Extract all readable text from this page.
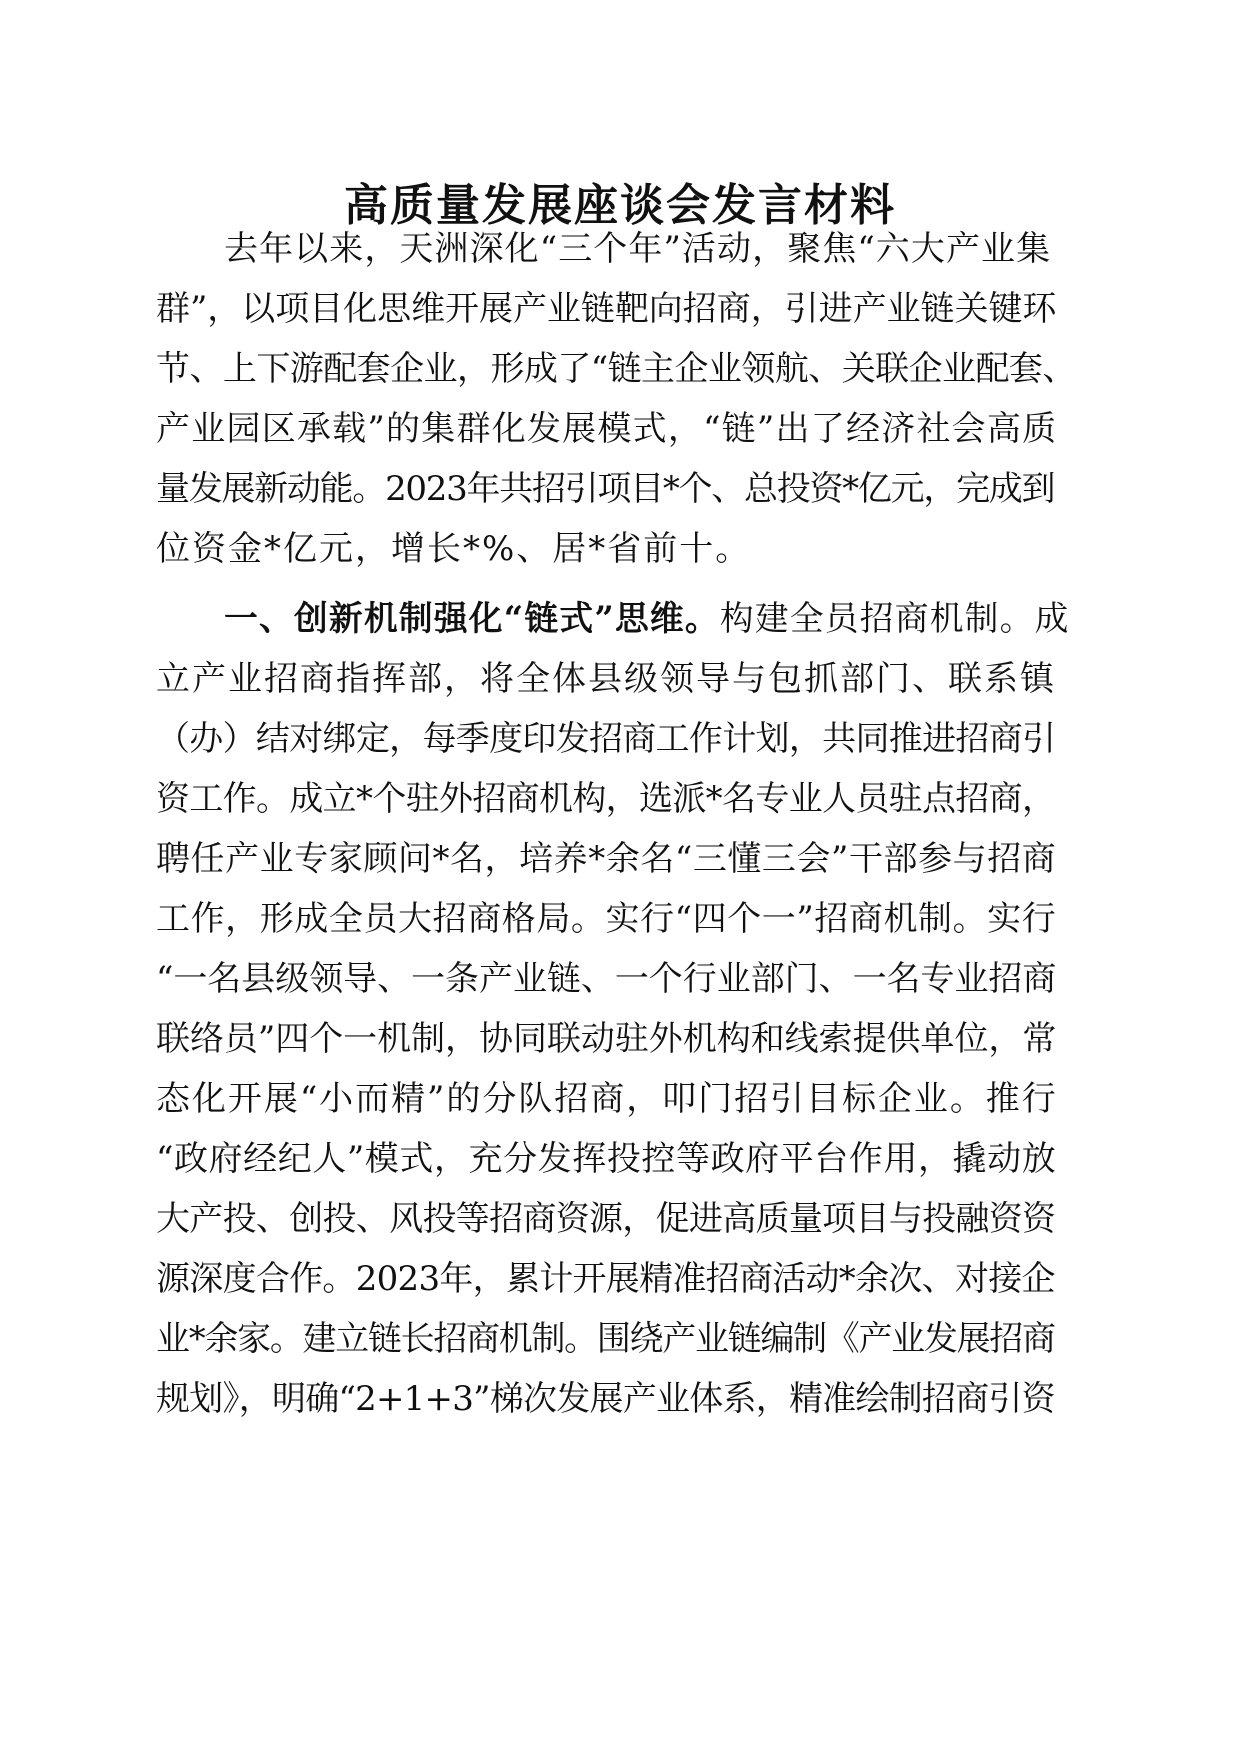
高质量发展座谈会发言材料
去年以来，天洲深化“三个年”活动，聚焦“六大产业集
群”，以项目化思维开展产业链靶向招商，引进产业链关键环
节、上下游配套企业，形成了“链主企业领航、关联企业配套、
产业园区承载”的集群化发展模式，“链”出了经济社会高质
量发展新动能。2023年共招引项目*个、总投资*亿元，完成到
位资金*亿元，增长*%、居*省前十。
一、创新机制强化“链式”思维。构建全员招商机制。成
立产业招商指挥部，将全体县级领导与包抓部门、联系镇
（办）结对绑定，每季度印发招商工作计划，共同推进招商引
资工作。成立*个驻外招商机构，选派*名专业人员驻点招商，
聘任产业专家顾问*名，培养*余名“三懂三会”干部参与招商
工作，形成全员大招商格局。实行“四个一”招商机制。实行
“一名县级领导、一条产业链、一个行业部门、一名专业招商
联络员”四个一机制，协同联动驻外机构和线索提供单位，常
态化开展“小而精”的分队招商，叩门招引目标企业。推行
“政府经纪人”模式，充分发挥投控等政府平台作用，撬动放
大产投、创投、风投等招商资源，促进高质量项目与投融资资
源深度合作。2023年，累计开展精准招商活动*余次、对接企
业*余家。建立链长招商机制。围绕产业链编制《产业发展招商
规划》，明确“2+1+3”梯次发展产业体系，精准绘制招商引资
